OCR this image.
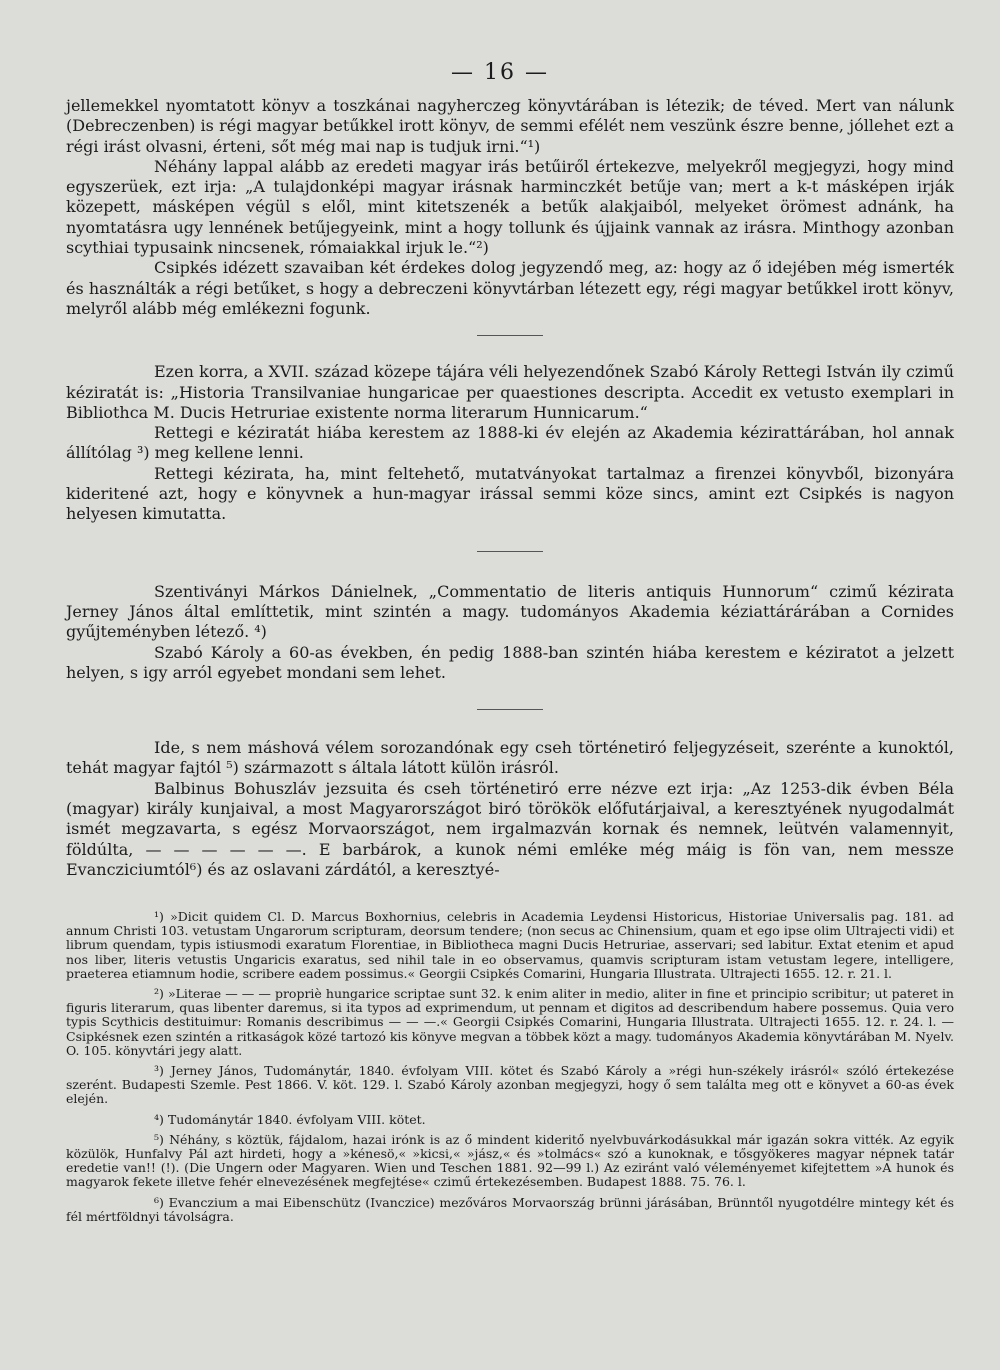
— 16 —

jellemekkel nyomtatott könyv a toszkánai nagyherczeg könyvtárában is létezik; de téved. Mert van nálunk (Debreczenben) is régi magyar betűkkel irott könyv, de semmi efélét nem veszünk észre benne, jóllehet ezt a régi irást olvasni, érteni, sőt még mai nap is tudjuk irni.“¹)

Néhány lappal alább az eredeti magyar irás betűiről értekezve, melyekről megjegyzi, hogy mind egyszerüek, ezt irja: „A tulajdonképi magyar irásnak harminczkét betűje van; mert a k-t másképen irják közepett, másképen végül s elől, mint kitetszenék a betűk alakjaiból, melyeket örömest adnánk, ha nyomtatásra ugy lennének betűjegyeink, mint a hogy tollunk és újjaink vannak az irásra. Minthogy azonban scythiai typusaink nincsenek, rómaiakkal irjuk le.“²)

Csipkés idézett szavaiban két érdekes dolog jegyzendő meg, az: hogy az ő idejében még ismerték és használták a régi betűket, s hogy a debreczeni könyvtárban létezett egy, régi magyar betűkkel irott könyv, melyről alább még emlékezni fogunk.

Ezen korra, a XVII. század közepe tájára véli helyezendőnek Szabó Károly Rettegi István ily czimű kéziratát is: „Historia Transilvaniae hungaricae per quaestiones descripta. Accedit ex vetusto exemplari in Bibliothca M. Ducis Hetruriae existente norma literarum Hunnicarum.“

Rettegi e kéziratát hiába kerestem az 1888-ki év elején az Akademia kézirattárában, hol annak állítólag ³) meg kellene lenni.

Rettegi kézirata, ha, mint feltehető, mutatványokat tartalmaz a firenzei könyvből, bizonyára kideritené azt, hogy e könyvnek a hun-magyar irással semmi köze sincs, amint ezt Csipkés is nagyon helyesen kimutatta.

Szentiványi Márkos Dánielnek, „Commentatio de literis antiquis Hunnorum“ czimű kézirata Jerney János által említtetik, mint szintén a magy. tudományos Akademia kéziattárárában a Cornides gyűjteményben létező. ⁴)

Szabó Károly a 60-as években, én pedig 1888-ban szintén hiába kerestem e kéziratot a jelzett helyen, s igy arról egyebet mondani sem lehet.

Ide, s nem máshová vélem sorozandónak egy cseh történetiró feljegyzéseit, szerénte a kunoktól, tehát magyar fajtól ⁵) származott s általa látott külön irásról.

Balbinus Bohuszláv jezsuita és cseh történetiró erre nézve ezt irja: „Az 1253-dik évben Béla (magyar) király kunjaival, a most Magyarországot biró törökök előfutárjaival, a keresztyének nyugodalmát ismét megzavarta, s egész Morvaországot, nem irgalmazván kornak és nemnek, leütvén valamennyit, földúlta, — — — — — —. E barbárok, a kunok némi emléke még máig is fön van, nem messze Evancziciumtól⁶) és az oslavani zárdától, a keresztyé-

¹) »Dicit quidem Cl. D. Marcus Boxhornius, celebris in Academia Leydensi Historicus, Historiae Universalis pag. 181. ad annum Christi 103. vetustam Ungarorum scripturam, deorsum tendere; (non secus ac Chinensium, quam et ego ipse olim Ultrajecti vidi) et librum quendam, typis istiusmodi exaratum Florentiae, in Bibliotheca magni Ducis Hetruriae, asservari; sed labitur. Extat etenim et apud nos liber, literis vetustis Ungaricis exaratus, sed nihil tale in eo observamus, quamvis scripturam istam vetustam legere, intelligere, praeterea etiamnum hodie, scribere eadem possimus.« Georgii Csipkés Comarini, Hungaria Illustrata. Ultrajecti 1655. 12. r. 21. l.

²) »Literae — — — propriè hungarice scriptae sunt 32. k enim aliter in medio, aliter in fine et principio scribitur; ut pateret in figuris literarum, quas libenter daremus, si ita typos ad exprimendum, ut pennam et digitos ad describendum habere possemus. Quia vero typis Scythicis destituimur: Romanis describimus — — —.« Georgii Csipkés Comarini, Hungaria Illustrata. Ultrajecti 1655. 12. r. 24. l. — Csipkésnek ezen szintén a ritkaságok közé tartozó kis könyve megvan a többek közt a magy. tudományos Akademia könyvtárában M. Nyelv. O. 105. könyvtári jegy alatt.

³) Jerney János, Tudománytár, 1840. évfolyam VIII. kötet és Szabó Károly a »régi hun-székely irásról« szóló értekezése szerént. Budapesti Szemle. Pest 1866. V. köt. 129. l. Szabó Károly azonban megjegyzi, hogy ő sem találta meg ott e könyvet a 60-as évek elején.

⁴) Tudománytár 1840. évfolyam VIII. kötet.

⁵) Néhány, s köztük, fájdalom, hazai irónk is az ő mindent kideritő nyelvbuvárkodásukkal már igazán sokra vitték. Az egyik közülök, Hunfalvy Pál azt hirdeti, hogy a »kénesö,« »kicsi,« »jász,« és »tolmács« szó a kunoknak, e tősgyökeres magyar népnek tatár eredetie van!! (!). (Die Ungern oder Magyaren. Wien und Teschen 1881. 92—99 l.) Az eziránt való véleményemet kifejtettem »A hunok és magyarok fekete illetve fehér elnevezésének megfejtése« czimű értekezésemben. Budapest 1888. 75. 76. l.

⁶) Evanczium a mai Eibenschütz (Ivanczice) mezőváros Morvaország brünni járásában, Brünntől nyugotdélre mintegy két és fél mértföldnyi távolságra.
